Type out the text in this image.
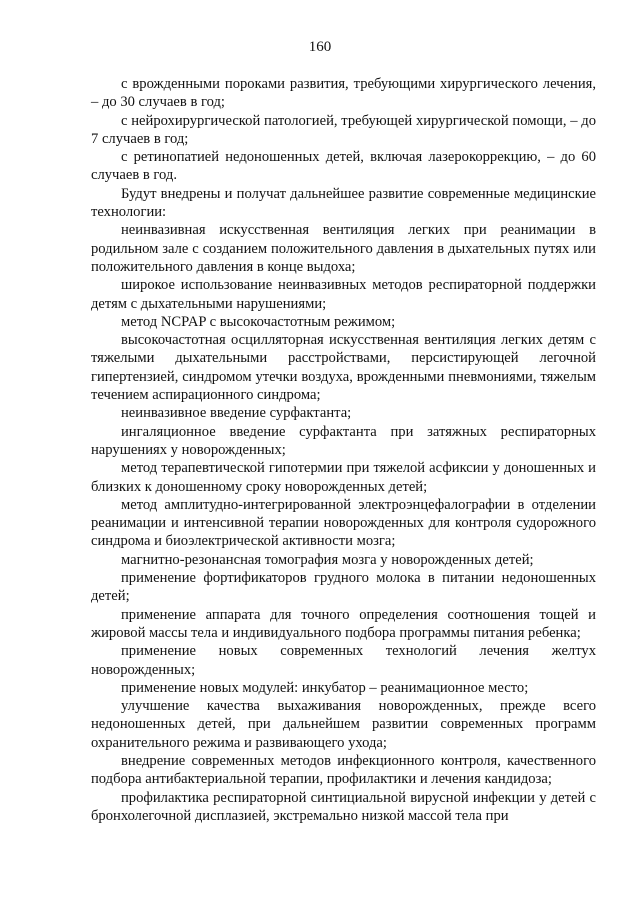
160

с врожденными пороками развития, требующими хирургического лечения, – до 30 случаев в год;

с нейрохирургической патологией, требующей хирургической помощи, – до 7 случаев в год;

с ретинопатией недоношенных детей, включая лазерокоррекцию, – до 60 случаев в год.

Будут внедрены и получат дальнейшее развитие современные медицинские технологии:

неинвазивная искусственная вентиляция легких при реанимации в родильном зале с созданием положительного давления в дыхательных путях или положительного давления в конце выдоха;

широкое использование неинвазивных методов респираторной поддержки детям с дыхательными нарушениями;

метод NCPAP с высокочастотным режимом;

высокочастотная осцилляторная искусственная вентиляция легких детям с тяжелыми дыхательными расстройствами, персистирующей легочной гипертензией, синдромом утечки воздуха, врожденными пневмониями, тяжелым течением аспирационного синдрома;

неинвазивное введение сурфактанта;

ингаляционное введение сурфактанта при затяжных респираторных нарушениях у новорожденных;

метод терапевтической гипотермии при тяжелой асфиксии у доношенных и близких к доношенному сроку новорожденных детей;

метод амплитудно-интегрированной электроэнцефалографии в отделении реанимации и интенсивной терапии новорожденных для контроля судорожного синдрома и биоэлектрической активности мозга;

магнитно-резонансная томография мозга у новорожденных детей;

применение фортификаторов грудного молока в питании недоношенных детей;

применение аппарата для точного определения соотношения тощей и жировой массы тела и индивидуального подбора программы питания ребенка;

применение новых современных технологий лечения желтух новорожденных;

применение новых модулей: инкубатор – реанимационное место;

улучшение качества выхаживания новорожденных, прежде всего недоношенных детей, при дальнейшем развитии современных программ охранительного режима и развивающего ухода;

внедрение современных методов инфекционного контроля, качественного подбора антибактериальной терапии, профилактики и лечения кандидоза;

профилактика респираторной синтициальной вирусной инфекции у детей с бронхолегочной дисплазией, экстремально низкой массой тела при
